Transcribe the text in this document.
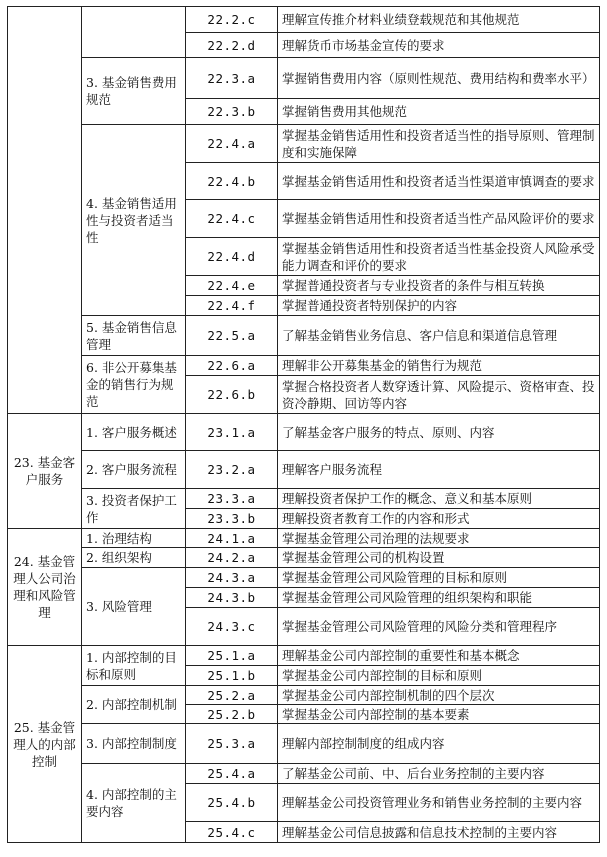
		22.2.c	理解宣传推介材料业绩登载规范和其他规范
		22.2.d	理解货币市场基金宣传的要求
	3. 基金销售费用规范	22.3.a	掌握销售费用内容（原则性规范、费用结构和费率水平）
		22.3.b	掌握销售费用其他规范
	4. 基金销售适用性与投资者适当性	22.4.a	掌握基金销售适用性和投资者适当性的指导原则、管理制度和实施保障
		22.4.b	掌握基金销售适用性和投资者适当性渠道审慎调查的要求
		22.4.c	掌握基金销售适用性和投资者适当性产品风险评价的要求
		22.4.d	掌握基金销售适用性和投资者适当性基金投资人风险承受能力调查和评价的要求
		22.4.e	掌握普通投资者与专业投资者的条件与相互转换
		22.4.f	掌握普通投资者特别保护的内容
	5. 基金销售信息管理	22.5.a	了解基金销售业务信息、客户信息和渠道信息管理
	6. 非公开募集基金的销售行为规范	22.6.a	理解非公开募集基金的销售行为规范
		22.6.b	掌握合格投资者人数穿透计算、风险提示、资格审查、投资冷静期、回访等内容
23. 基金客户服务	1. 客户服务概述	23.1.a	了解基金客户服务的特点、原则、内容
	2. 客户服务流程	23.2.a	理解客户服务流程
	3. 投资者保护工作	23.3.a	理解投资者保护工作的概念、意义和基本原则
		23.3.b	理解投资者教育工作的内容和形式
24. 基金管理人公司治理和风险管理	1. 治理结构	24.1.a	掌握基金管理公司治理的法规要求
	2. 组织架构	24.2.a	掌握基金管理公司的机构设置
	3. 风险管理	24.3.a	掌握基金管理公司风险管理的目标和原则
		24.3.b	掌握基金管理公司风险管理的组织架构和职能
		24.3.c	掌握基金管理公司风险管理的风险分类和管理程序
25. 基金管理人的内部控制	1. 内部控制的目标和原则	25.1.a	理解基金公司内部控制的重要性和基本概念
		25.1.b	掌握基金公司内部控制的目标和原则
	2. 内部控制机制	25.2.a	掌握基金公司内部控制机制的四个层次
		25.2.b	掌握基金公司内部控制的基本要素
	3. 内部控制制度	25.3.a	理解内部控制制度的组成内容
	4. 内部控制的主要内容	25.4.a	了解基金公司前、中、后台业务控制的主要内容
		25.4.b	理解基金公司投资管理业务和销售业务控制的主要内容
		25.4.c	理解基金公司信息披露和信息技术控制的主要内容
